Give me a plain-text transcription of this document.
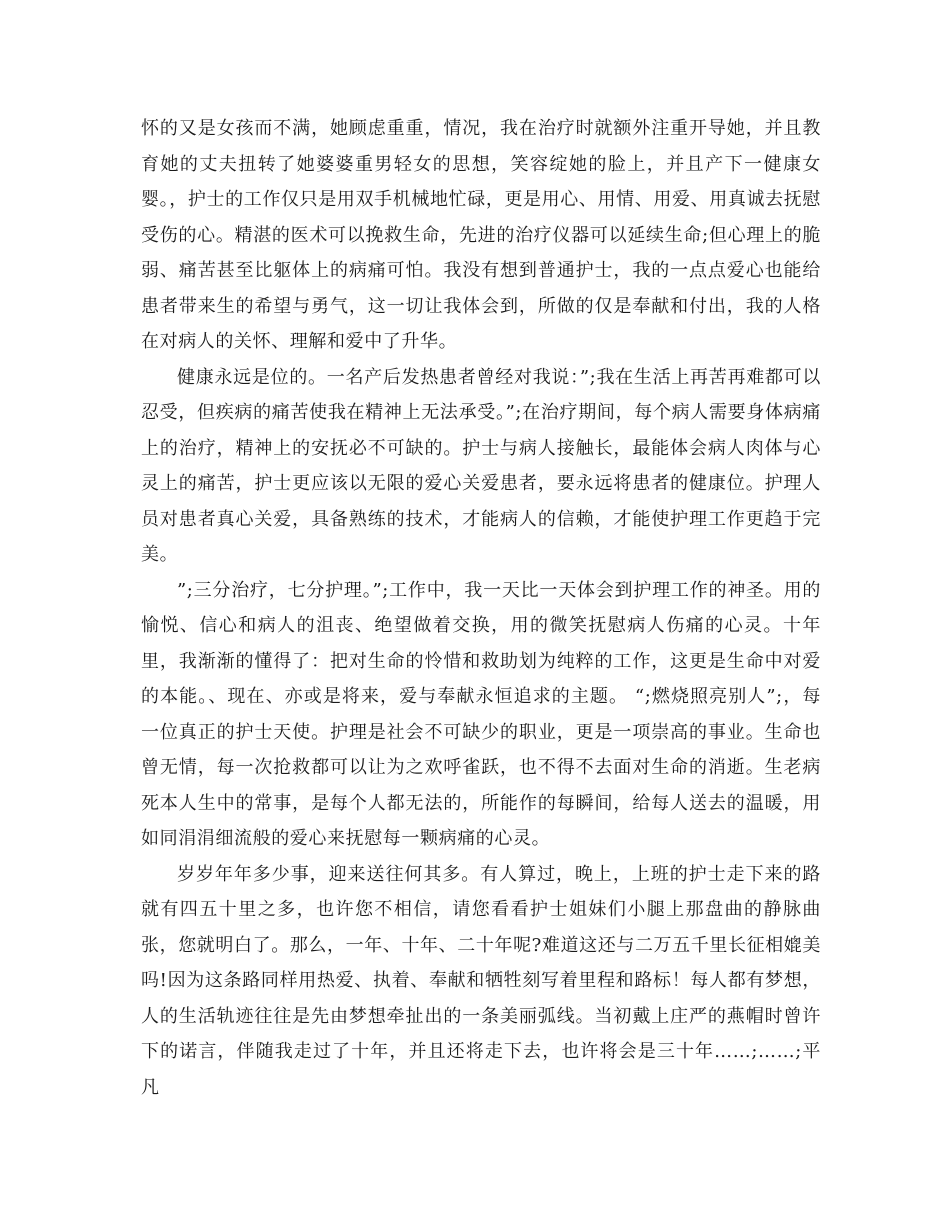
怀的又是女孩而不满，她顾虑重重，情况，我在治疗时就额外注重开导她，并且教育她的丈夫扭转了她婆婆重男轻女的思想，笑容绽她的脸上，并且产下一健康女婴。，护士的工作仅只是用双手机械地忙碌，更是用心、用情、用爱、用真诚去抚慰受伤的心。精湛的医术可以挽救生命，先进的治疗仪器可以延续生命;但心理上的脆弱、痛苦甚至比躯体上的病痛可怕。我没有想到普通护士，我的一点点爱心也能给患者带来生的希望与勇气，这一切让我体会到，所做的仅是奉献和付出，我的人格在对病人的关怀、理解和爱中了升华。

健康永远是位的。一名产后发热患者曾经对我说：”;我在生活上再苦再难都可以忍受，但疾病的痛苦使我在精神上无法承受。”;在治疗期间，每个病人需要身体病痛上的治疗，精神上的安抚必不可缺的。护士与病人接触长，最能体会病人肉体与心灵上的痛苦，护士更应该以无限的爱心关爱患者，要永远将患者的健康位。护理人员对患者真心关爱，具备熟练的技术，才能病人的信赖，才能使护理工作更趋于完美。

”;三分治疗，七分护理。”;工作中，我一天比一天体会到护理工作的神圣。用的愉悦、信心和病人的沮丧、绝望做着交换，用的微笑抚慰病人伤痛的心灵。十年里，我渐渐的懂得了：把对生命的怜惜和救助划为纯粹的工作，这更是生命中对爱的本能。、现在、亦或是将来，爱与奉献永恒追求的主题。 “;燃烧照亮别人”;，每一位真正的护士天使。护理是社会不可缺少的职业，更是一项崇高的事业。生命也曾无情，每一次抢救都可以让为之欢呼雀跃，也不得不去面对生命的消逝。生老病死本人生中的常事，是每个人都无法的，所能作的每瞬间，给每人送去的温暖，用如同涓涓细流般的爱心来抚慰每一颗病痛的心灵。

岁岁年年多少事，迎来送往何其多。有人算过，晚上，上班的护士走下来的路就有四五十里之多，也许您不相信，请您看看护士姐妹们小腿上那盘曲的静脉曲张，您就明白了。那么，一年、十年、二十年呢?难道这还与二万五千里长征相媲美吗!因为这条路同样用热爱、执着、奉献和牺牲刻写着里程和路标！每人都有梦想，人的生活轨迹往往是先由梦想牵扯出的一条美丽弧线。当初戴上庄严的燕帽时曾许下的诺言，伴随我走过了十年，并且还将走下去，也许将会是三十年……;……;平凡
